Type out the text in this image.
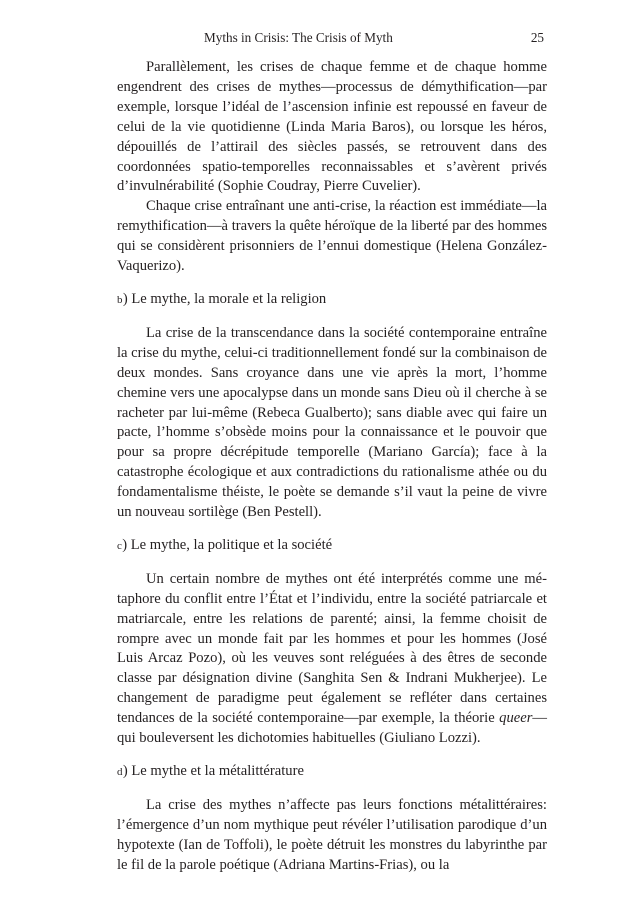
Myths in Crisis: The Crisis of Myth	25

Parallèlement, les crises de chaque femme et de chaque homme engendrent des crises de mythes—processus de démythification—par exemple, lorsque l’idéal de l’ascension infinie est repoussé en faveur de celui de la vie quotidienne (Linda Maria Baros), ou lorsque les héros, dépouillés de l’attirail des siècles passés, se retrouvent dans des coordonnées spatio-temporelles reconnaissables et s’avèrent privés d’invulnérabilité (Sophie Coudray, Pierre Cuvelier).

Chaque crise entraînant une anti-crise, la réaction est immédiate—la remythification—à travers la quête héroïque de la liberté par des hommes qui se considèrent prisonniers de l’ennui domestique (Helena González-Vaquerizo).

b) Le mythe, la morale et la religion

La crise de la transcendance dans la société contemporaine entraîne la crise du mythe, celui-ci traditionnellement fondé sur la combinaison de deux mondes. Sans croyance dans une vie après la mort, l’homme chemine vers une apocalypse dans un monde sans Dieu où il cherche à se racheter par lui-même (Rebeca Gualberto); sans diable avec qui faire un pacte, l’homme s’obsède moins pour la connaissance et le pouvoir que pour sa propre décrépitude temporelle (Mariano García); face à la catastrophe écologique et aux contradictions du rationalisme athée ou du fondamentalisme théiste, le poète se demande s’il vaut la peine de vivre un nouveau sortilège (Ben Pestell).

c) Le mythe, la politique et la société

Un certain nombre de mythes ont été interprétés comme une métaphore du conflit entre l’État et l’individu, entre la société patriarcale et matriarcale, entre les relations de parenté; ainsi, la femme choisit de rompre avec un monde fait par les hommes et pour les hommes (José Luis Arcaz Pozo), où les veuves sont reléguées à des êtres de seconde classe par désignation divine (Sanghita Sen & Indrani Mukherjee). Le changement de paradigme peut également se refléter dans certaines tendances de la société contemporaine—par exemple, la théorie queer—qui bouleversent les dichotomies habituelles (Giuliano Lozzi).

d) Le mythe et la métalittérature

La crise des mythes n’affecte pas leurs fonctions métalittéraires: l’émergence d’un nom mythique peut révéler l’utilisation parodique d’un hypotexte (Ian de Toffoli), le poète détruit les monstres du labyrinthe par le fil de la parole poétique (Adriana Martins-Frias), ou la
